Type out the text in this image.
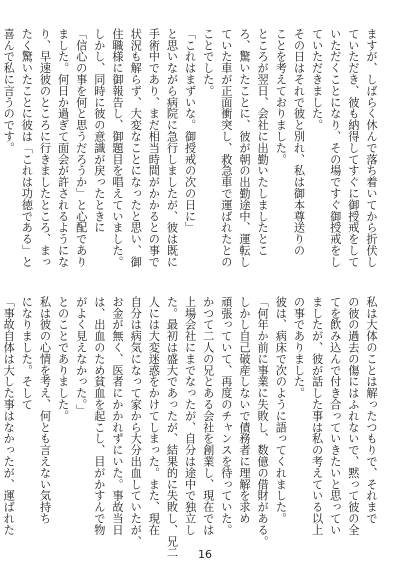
ますが、しばらく休んで落ち着いてから折伏し
ていただき、彼も納得してすぐに御授戒をして
いただくことになり、その場ですぐ御授戒をし
ていただきました。
その日はそれで彼と別れ、私は御本尊送りの
ことを考えておりました。
ところが翌日、会社に出勤いたしましたとこ
ろ、驚いたことに、彼が朝の出勤途中、運転し
ていた車が正面衝突し、救急車で運ばれたとの
ことでした。
「これはまずいな。御授戒の次の日に」
と思いながら病院に急行しましたが、彼は既に
手術中であり、まだ相当時間がかかるとの事で
状況も解らず、大変なことになったと思い、御
住職様に御報告し、御題目を唱えていました。
しかし、同時に彼の意識が戻ったときに
「信心の事を何と思うだろうか」と心配であり
ました。何日か過ぎて面会が許されるようにな
り、早速彼のところに行きましたところ、まっ
たく驚いたことに彼は「これは功徳である」と
喜んで私に言うのです。
私は大体のことは解ったつもりで、それまで
の彼の過去の傷にはふれないで、黙って彼の全
てを飲み込んで付き合っていきたいと思ってい
ましたが、彼が話した事は私の考えている以上
の事でありました。
彼は、病床で次のように語ってくれました。
「何年か前に事業に失敗し、数億の借財がある。
しかし自己破産しないで債務者に理解を求め
頑張っていて、再度のチャンスを待っていた。
かつて二人の兄とある会社を創業し、現在では
上場会社にまでなったが、自分は途中で独立し
た。最初は盛大であったが、結果的に失敗し、兄二
人には大変迷惑をかけてしまった。また、現在
自分は病気になって家から大分出血していたが、
お金が無く、医者にかかれずにいた。事故当日
は、出血のため貧血を起こし、目がかすんで物
がよく見えなかった。」
とのことでありました。
私は彼の心情を考え、何とも言えない気持ち
になりました。そして
「事故自体は大した事はなかったが、運ばれた
16
